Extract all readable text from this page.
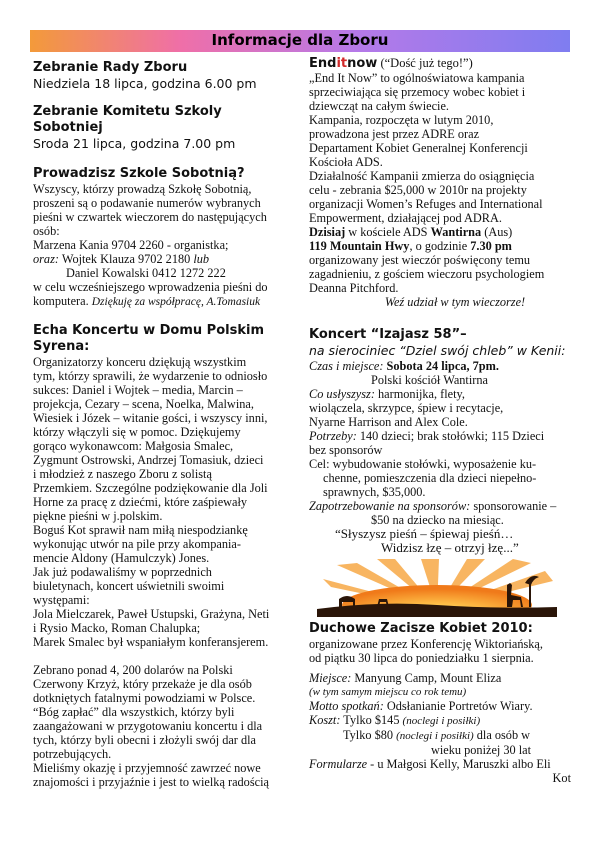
Informacje dla Zboru

Zebranie Rady Zboru

Niedziela 18 lipca, godzina 6.00 pm

Zebranie Komitetu Szkoly Sobotniej

Sroda 21 lipca, godzina 7.00 pm

Prowadzisz Szkole Sobotnią?

Wszyscy, którzy prowadzą Szkołę Sobotnią,

proszeni są o podawanie numerów wybranych

pieśni w czwartek wieczorem do następujących

osób:

Marzena Kania 9704 2260 - organistka;

oraz: Wojtek Klauza 9702 2180 lub

Daniel Kowalski 0412 1272 222

w celu wcześniejszego wprowadzenia pieśni do

komputera. Dziękuję za współpracę, A.Tomasiuk

Echa Koncertu w Domu Polskim

Syrena:

Organizatorzy konceru dziękują wszystkim

tym, którzy sprawili, że wydarzenie to odniosło

sukces: Daniel i Wojtek – media, Marcin –

projekcja, Cezary – scena, Noelka, Malwina,

Wiesiek i Józek – witanie gości, i wszyscy inni,

którzy włączyli się w pomoc. Dziękujemy

gorąco wykonawcom: Małgosia Smalec,

Zygmunt Ostrowski, Andrzej Tomasiuk, dzieci

i młodzież z naszego Zboru z solistą

Przemkiem. Szczególne podziękowanie dla Joli

Horne za pracę z dziećmi, które zaśpiewały

piękne pieśni w j.polskim.

Boguś Kot sprawił nam miłą niespodziankę

wykonując utwór na pile przy akompania-

mencie Aldony (Hamulczyk) Jones.

Jak już podawaliśmy w poprzednich

biuletynach, koncert uświetnili swoimi

występami:

Jola Mielczarek, Paweł Ustupski, Grażyna, Neti

i Rysio Macko, Roman Chalupka;

Marek Smalec był wspaniałym konferansjerem.

Zebrano ponad 4, 200 dolarów na Polski

Czerwony Krzyż, który przekaże je dla osób

dotkniętych fatalnymi powodziami w Polsce.

“Bóg zapłać” dla wszystkich, którzy byli

zaangażowani w przygotowaniu koncertu i dla

tych, którzy byli obecni i złożyli swój dar dla

potrzebujących.

Mieliśmy okazję i przyjemność zawrzeć nowe

znajomości i przyjaźnie i jest to wielką radością

Enditnow (“Dość już tego!”)

„End It Now” to ogólnoświatowa kampania

sprzeciwiająca się przemocy wobec kobiet i

dziewcząt na całym świecie.

Kampania, rozpoczęta w lutym 2010,

prowadzona jest przez ADRE oraz

Departament Kobiet Generalnej Konferencji

Kościoła ADS.

Działalność Kampanii zmierza do osiągnięcia

celu - zebrania $25,000 w 2010r na projekty

organizacji Women’s Refuges and International

Empowerment, działającej pod ADRA.

Dzisiaj w kościele ADS Wantirna (Aus)

119 Mountain Hwy, o godzinie 7.30 pm

organizowany jest wieczór poświęcony temu

zagadnieniu, z gościem wieczoru psychologiem

Deanna Pitchford.

Weź udział w tym wieczorze!

Koncert “Izajasz 58”–

na sierociniec “Dziel swój chleb” w Kenii:

Czas i miejsce: Sobota 24 lipca, 7pm.

Polski kościół Wantirna

Co usłyszysz: harmonijka, flety,

wiolączela, skrzypce, śpiew i recytacje,

Nyarne Harrison and Alex Cole.

Potrzeby: 140 dzieci; brak stołówki; 115 Dzieci

bez sponsorów

Cel: wybudowanie stołówki, wyposażenie ku-

chenne, pomieszczenia dla dzieci niepełno-

sprawnych, $35,000.

Zapotrzebowanie na sponsorów: sponsorowanie –

$50 na dziecko na miesiąc.

“Słyszysz pieśń – śpiewaj pieśń…

Widzisz łzę – otrzyj łzę...”

Duchowe Zacisze Kobiet 2010:

organizowane przez Konferencję Wiktoriańską,

od piątku 30 lipca do poniedziałku 1 sierpnia.

Miejsce: Manyung Camp, Mount Eliza

(w tym samym miejscu co rok temu)

Motto spotkań: Odsłanianie Portretów Wiary.

Koszt: Tylko $145 (noclegi i posiłki)

Tylko $80 (noclegi i posiłki) dla osób w

wieku poniżej 30 lat

Formularze - u Małgosi Kelly, Maruszki albo Eli

Kot
